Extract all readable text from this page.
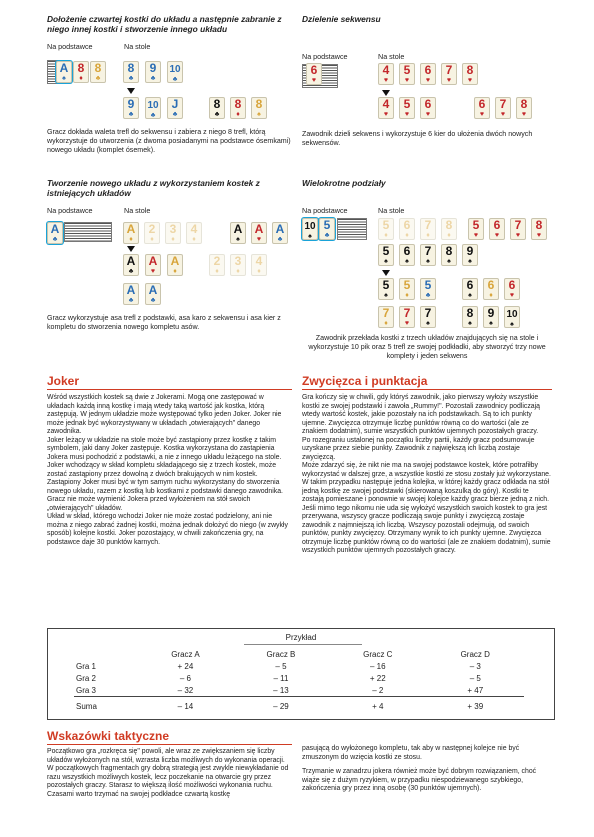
Dołożenie czwartej kostki do układu a następnie zabranie z niego innej kostki i stworzenie innego układu
Na podstawce	Na stole
A
♠
8
♦
8
♣
8
♣
9
♣
10
♣
9
♣
10
♣
J
♣
8
♣
8
♦
8
♠
Gracz dokłada waleta trefl do sekwensu i zabiera z niego 8 trefl, którą wykorzystuje do utworzenia (z dwoma posiadanymi na podstawce ósemkami) nowego układu (komplet ósemek).
Dzielenie sekwensu
Na podstawce	Na stole
6
♥
4
♥
5
♥
6
♥
7
♥
8
♥
4
♥
5
♥
6
♥
6
♥
7
♥
8
♥
Zawodnik dzieli sekwens i wykorzystuje 6 kier do ułożenia dwóch nowych sekwensów.
Tworzenie nowego układu z wykorzystaniem kostek z istniejących układów
Na podstawce	Na stole
A
♣
A
♦
2
♦
3
♦
4
♦
A
♠
A
♥
A
♣
A
♣
A
♥
A
♦
2
♦
3
♦
4
♦
A
♣
A
♣
Gracz wykorzystuje asa trefl z podstawki, asa karo z sekwensu i asa kier z kompletu do stworzenia nowego kompletu asów.
Wielokrotne podziały
Na podstawce	Na stole
10
♠
5
♣
5
♦
6
♦
7
♦
8
♦
5
♥
6
♥
7
♥
8
♥
5
♠
6
♠
7
♠
8
♠
9
♠
5
♠
5
♦
5
♣
6
♠
6
♦
6
♥
7
♦
7
♥
7
♠
8
♠
9
♠
10
♠
Zawodnik przekłada kostki z trzech układów znajdujących się na stole i wykorzystuje 10 pik oraz 5 trefl ze swojej podkładki, aby stworzyć trzy nowe komplety i jeden sekwens
Joker

Wśród wszystkich kostek są dwie z Jokerami. Mogą one zastępować w układach każdą inną kostkę i mają wtedy taką wartość jak kostka, którą zastępują. W jednym układzie może występować tylko jeden Joker. Joker nie może jednak być wykorzystywany w układach „otwierających" danego zawodnika.

Joker leżący w układzie na stole może być zastąpiony przez kostkę z takim symbolem, jaki dany Joker zastępuje. Kostka wykorzystana do zastąpienia Jokera musi pochodzić z podstawki, a nie z innego układu leżącego na stole. Joker wchodzący w skład kompletu składającego się z trzech kostek, może zostać zastąpiony przez dowolną z dwóch brakujących w nim kostek.

Zastąpiony Joker musi być w tym samym ruchu wykorzystany do stworzenia nowego układu, razem z kostką lub kostkami z podstawki danego zawodnika.

Gracz nie może wymienić Jokera przed wyłożeniem na stół swoich „otwierających" układów.

Układ w skład, którego wchodzi Joker nie może zostać podzielony, ani nie można z niego zabrać żadnej kostki, można jednak dołożyć do niego (w zwykły sposób) kolejne kostki. Joker pozostający, w chwili zakończenia gry, na podstawce daje 30 punktów karnych.

Zwycięzca i punktacja

Gra kończy się w chwili, gdy któryś zawodnik, jako pierwszy wyłoży wszystkie kostki ze swojej podstawki i zawoła „Rummy!". Pozostali zawodnicy podliczają wtedy wartość kostek, jakie pozostały na ich podstawkach. Są to ich punkty ujemne. Zwycięzca otrzymuje liczbę punktów równą co do wartości (ale ze znakiem dodatnim), sumie wszystkich punktów ujemnych pozostałych graczy.

Po rozegraniu ustalonej na początku liczby partii, każdy gracz podsumowuje uzyskane przez siebie punkty. Zawodnik z największą ich liczbą zostaje zwycięzcą.

Może zdarzyć się, że nikt nie ma na swojej podstawce kostek, które potrafiłby wykorzystać w dalszej grze, a wszystkie kostki ze stosu zostały już wykorzystane. W takim przypadku następuje jedna kolejka, w której każdy gracz odkłada na stół jedną kostkę ze swojej podstawki (skierowaną koszulką do góry). Kostki te zostają pomieszane i ponownie w swojej kolejce każdy gracz bierze jedną z nich. Jeśli mimo tego nikomu nie uda się wyłożyć wszystkich swoich kostek to gra jest przerywana, wszyscy gracze podliczają swoje punkty i zwycięzcą zostaje zawodnik z najmniejszą ich liczbą. Wszyscy pozostali odejmują, od swoich punktów, punkty zwycięzcy. Otrzymany wynik to ich punkty ujemne. Zwycięzca otrzymuje liczbę punktów równą co do wartości (ale ze znakiem dodatnim), sumie wszystkich punktów ujemnych pozostałych graczy.

Przykład
	Gracz A	Gracz B	Gracz C	Gracz D
Gra 1	+ 24	– 5	– 16	– 3
Gra 2	– 6	– 11	+ 22	– 5
Gra 3	– 32	– 13	– 2	+ 47
Suma	– 14	– 29	+ 4	+ 39
Wskazówki taktyczne
Początkowo gra „rozkręca się" powoli, ale wraz ze zwiększaniem się liczby układów wyłożonych na stół, wzrasta liczba możliwych do wykonania operacji. W początkowych fragmentach gry dobrą strategią jest zwykle niewykładanie od razu wszystkich możliwych kostek, lecz poczekanie na otwarcie gry przez pozostałych graczy. Starasz to większą ilość możliwości wykonania ruchu. Czasami warto trzymać na swojej podkładce czwartą kostkę
pasującą do wyłożonego kompletu, tak aby w następnej kolejce nie być zmuszonym do wzięcia kostki ze stosu.
Trzymanie w zanadrzu jokera również może być dobrym rozwiązaniem, choć wiąże się z dużym ryzykiem, w przypadku niespodziewanego szybkiego, zakończenia gry przez inną osobę (30 punktów ujemnych).
